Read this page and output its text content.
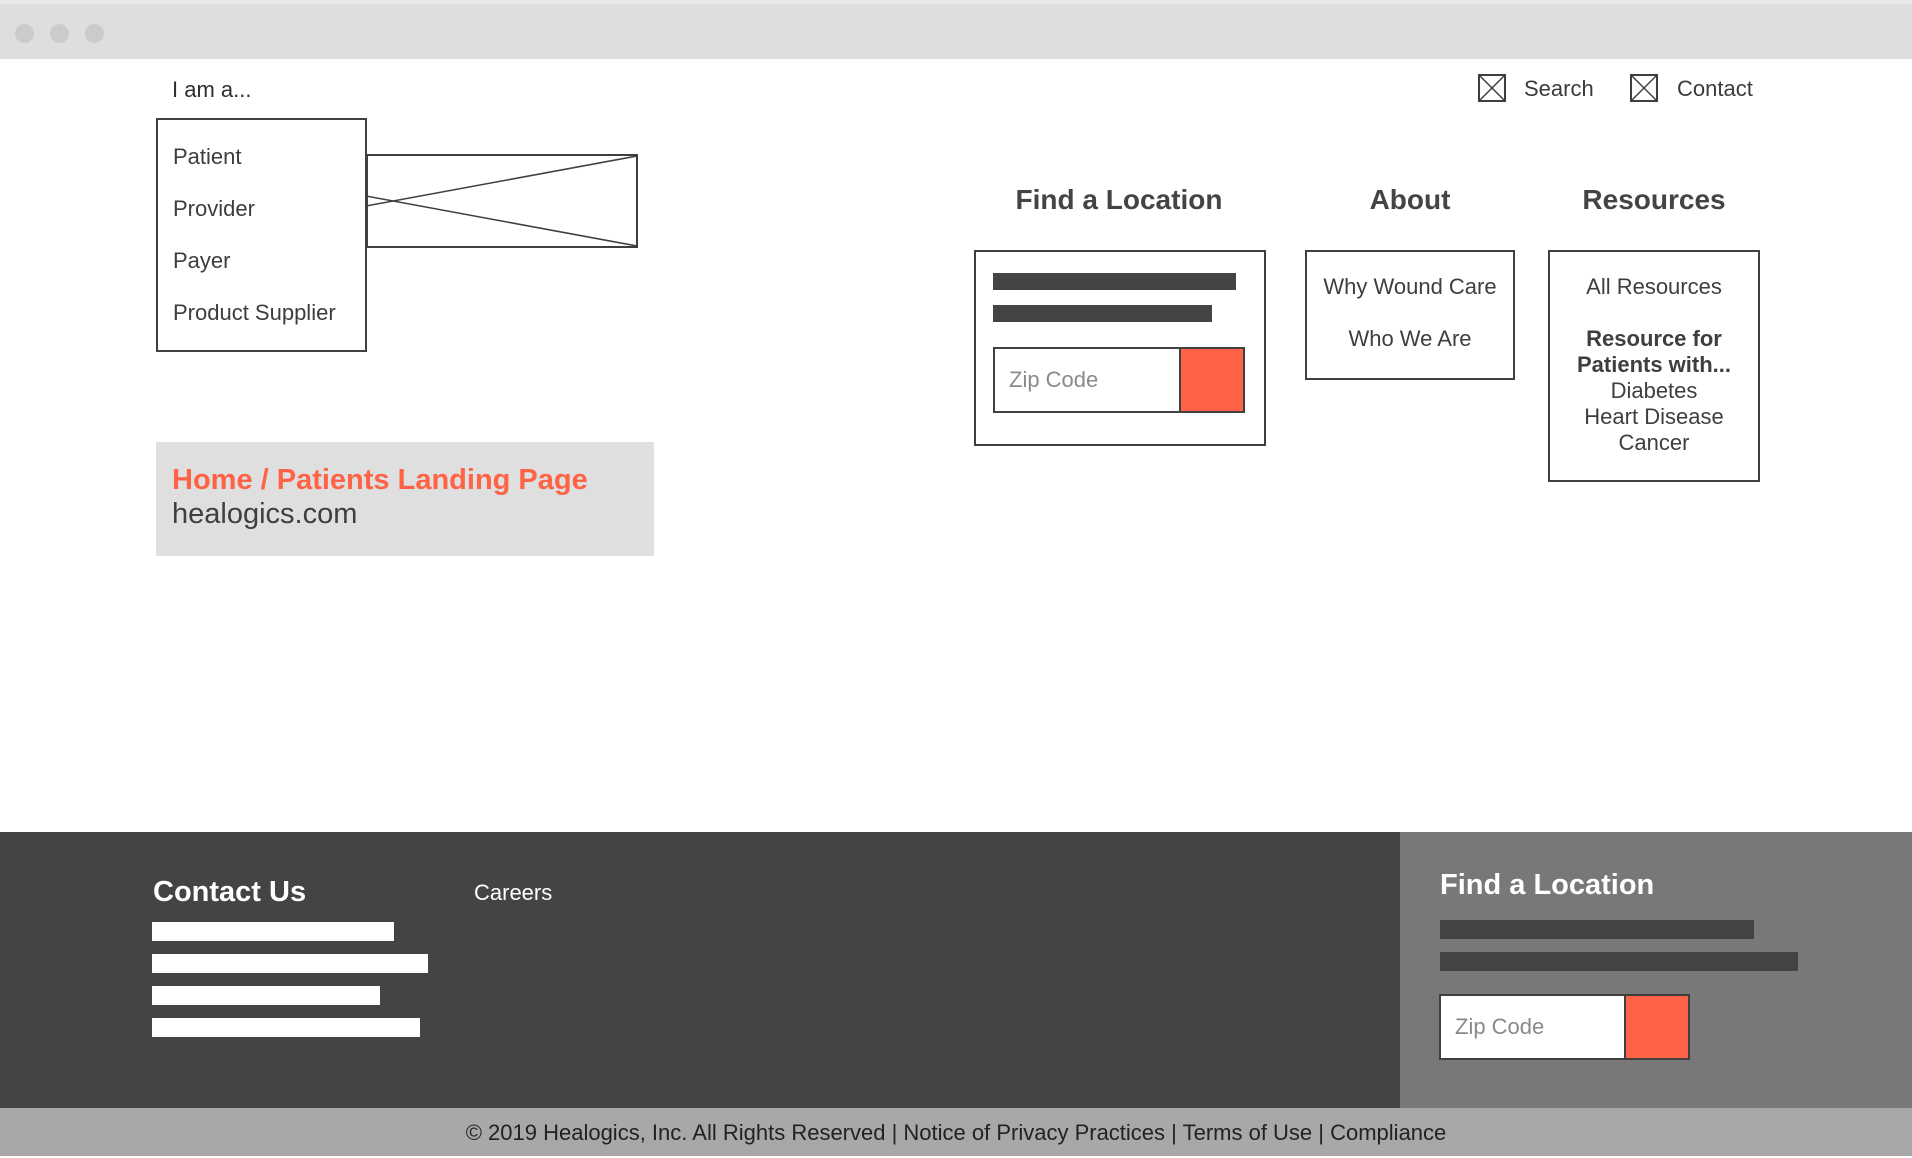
Search	Contact
I am a...
Patient
Provider
Payer
Product Supplier
Home / Patients Landing Page
healogics.com
Find a Location
Zip Code	About
Why Wound Care
Who We Are
Resources
All Resources
Resource for
Patients with...
Diabetes
Heart Disease
Cancer
Contact Us	Careers	Find a Location
Zip Code
© 2019 Healogics, Inc. All Rights Reserved | Notice of Privacy Practices | Terms of Use | Compliance
